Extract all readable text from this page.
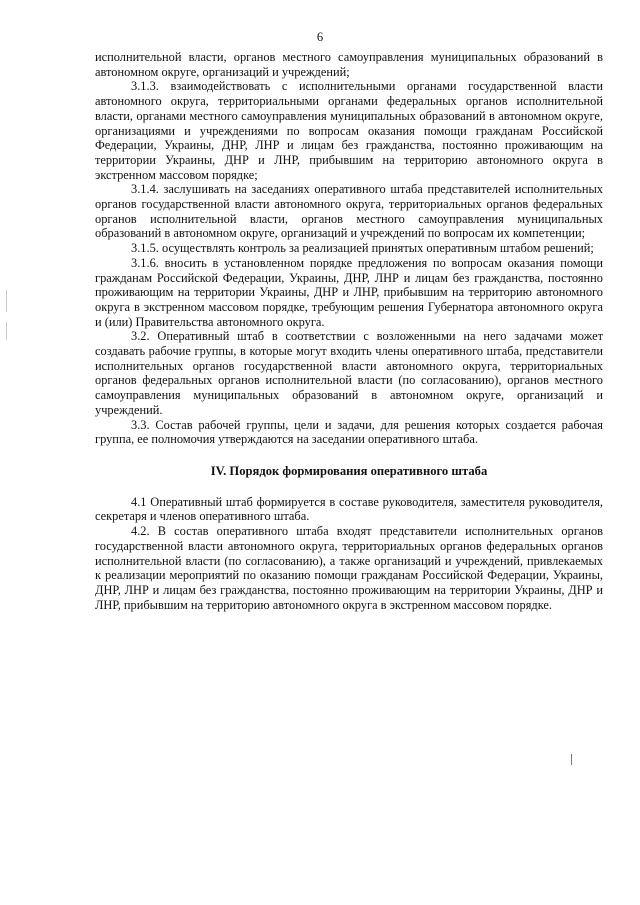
6

исполнительной власти, органов местного самоуправления муниципальных образований в автономном округе, организаций и учреждений;

3.1.3. взаимодействовать с исполнительными органами государственной власти автономного округа, территориальными органами федеральных органов исполнительной власти, органами местного самоуправления муниципальных образований в автономном округе, организациями и учреждениями по вопросам оказания помощи гражданам Российской Федерации, Украины, ДНР, ЛНР и лицам без гражданства, постоянно проживающим на территории Украины, ДНР и ЛНР, прибывшим на территорию автономного округа в экстренном массовом порядке;

3.1.4. заслушивать на заседаниях оперативного штаба представителей исполнительных органов государственной власти автономного округа, территориальных органов федеральных органов исполнительной власти, органов местного самоуправления муниципальных образований в автономном округе, организаций и учреждений по вопросам их компетенции;

3.1.5. осуществлять контроль за реализацией принятых оперативным штабом решений;

3.1.6. вносить в установленном порядке предложения по вопросам оказания помощи гражданам Российской Федерации, Украины, ДНР, ЛНР и лицам без гражданства, постоянно проживающим на территории Украины, ДНР и ЛНР, прибывшим на территорию автономного округа в экстренном массовом порядке, требующим решения Губернатора автономного округа и (или) Правительства автономного округа.

3.2. Оперативный штаб в соответствии с возложенными на него задачами может создавать рабочие группы, в которые могут входить члены оперативного штаба, представители исполнительных органов государственной власти автономного округа, территориальных органов федеральных органов исполнительной власти (по согласованию), органов местного самоуправления муниципальных образований в автономном округе, организаций и учреждений.

3.3. Состав рабочей группы, цели и задачи, для решения которых создается рабочая группа, ее полномочия утверждаются на заседании оперативного штаба.

IV. Порядок формирования оперативного штаба

4.1 Оперативный штаб формируется в составе руководителя, заместителя руководителя, секретаря и членов оперативного штаба.

4.2. В состав оперативного штаба входят представители исполнительных органов государственной власти автономного округа, территориальных органов федеральных органов исполнительной власти (по согласованию), а также организаций и учреждений, привлекаемых к реализации мероприятий по оказанию помощи гражданам Российской Федерации, Украины, ДНР, ЛНР и лицам без гражданства, постоянно проживающим на территории Украины, ДНР и ЛНР, прибывшим на территорию автономного округа в экстренном массовом порядке.
